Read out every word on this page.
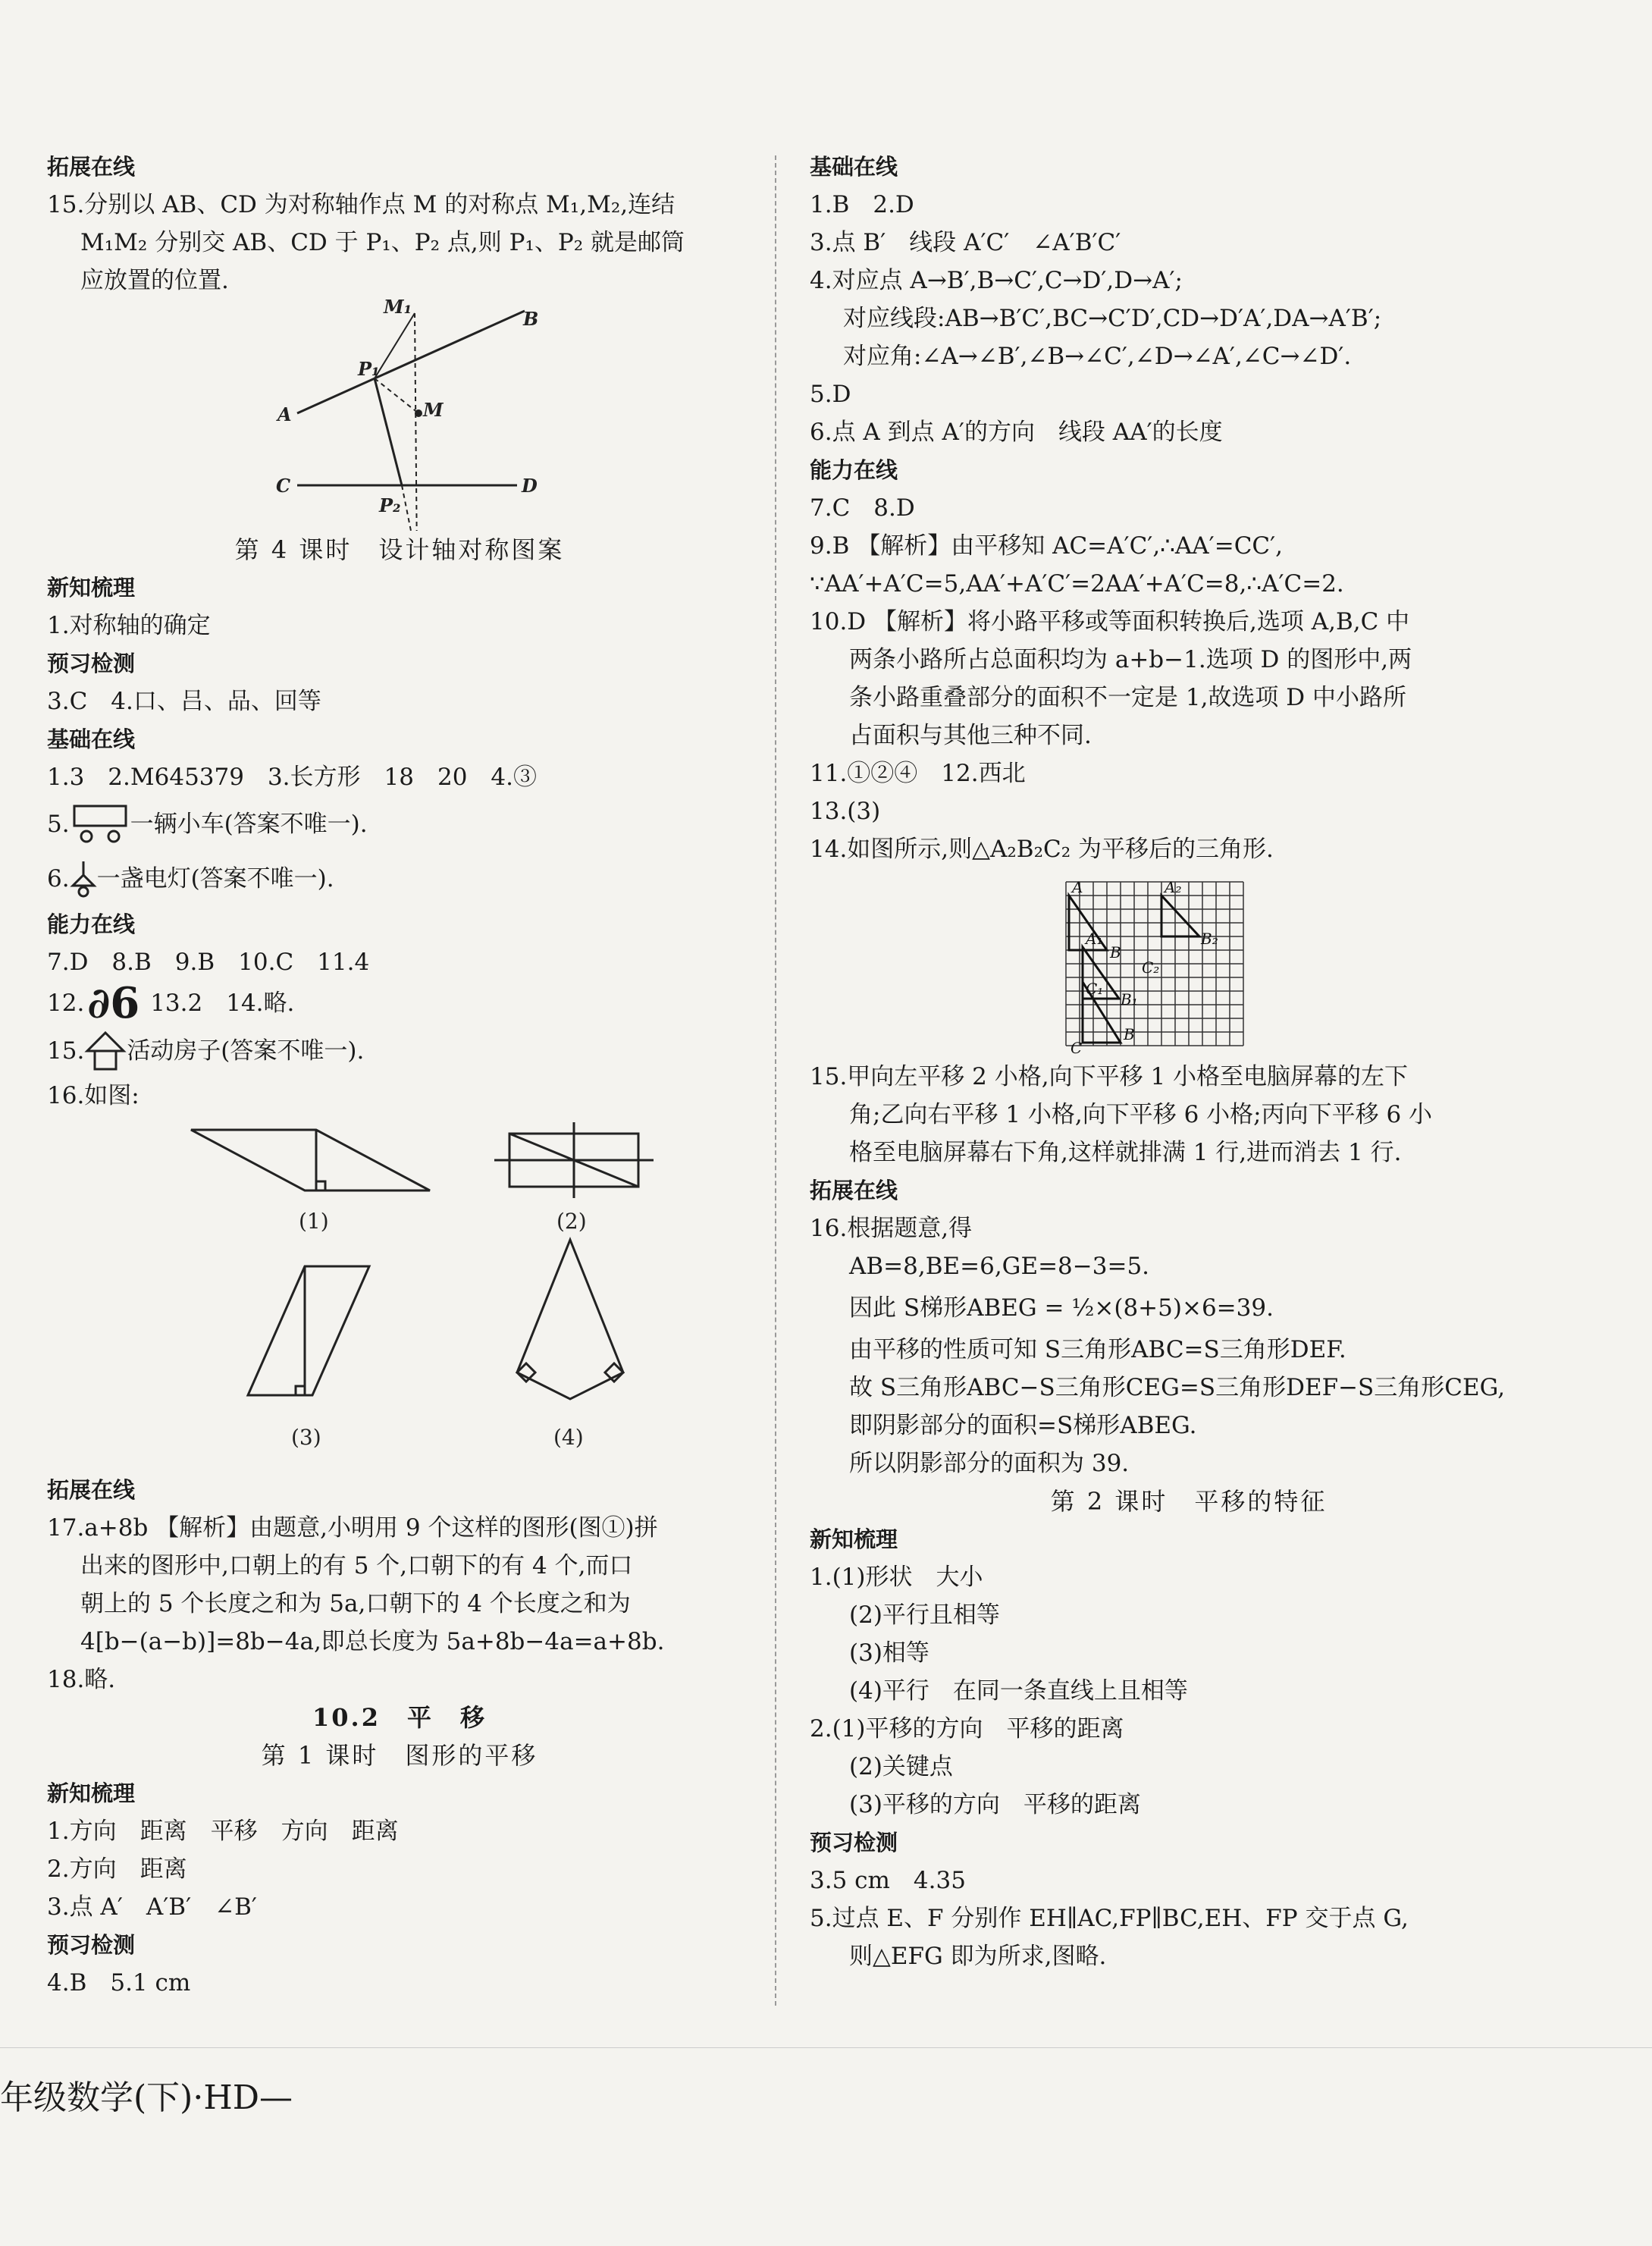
拓展在线
15.分别以 AB、CD 为对称轴作点 M 的对称点 M₁,M₂,连结
M₁M₂ 分别交 AB、CD 于 P₁、P₂ 点,则 P₁、P₂ 就是邮筒
应放置的位置.
M₁
B
P₁
A	M
C	D
P₂
第 4 课时　设计轴对称图案
新知梳理
1.对称轴的确定
预习检测
3.C　4.口、吕、品、回等
基础在线
1.3　2.M645379　3.长方形　18　20　4.③
5.	一辆小车(答案不唯一).
6. 一盏电灯(答案不唯一).
能力在线
7.D　8.B　9.B　10.C　11.4
12. ∂6 13.2　14.略.
15. 活动房子(答案不唯一).
16.如图:
(1)	(2)
(3)	(4)
拓展在线
17.a+8b 【解析】由题意,小明用 9 个这样的图形(图①)拼
出来的图形中,口朝上的有 5 个,口朝下的有 4 个,而口
朝上的 5 个长度之和为 5a,口朝下的 4 个长度之和为
4[b−(a−b)]=8b−4a,即总长度为 5a+8b−4a=a+8b.
18.略.
10.2　平　移
第 1 课时　图形的平移
新知梳理
1.方向　距离　平移　方向　距离
2.方向　距离
3.点 A′　A′B′　∠B′
预习检测
4.B　5.1 cm
基础在线
1.B　2.D
3.点 B′　线段 A′C′　∠A′B′C′
4.对应点 A→B′,B→C′,C→D′,D→A′;
对应线段:AB→B′C′,BC→C′D′,CD→D′A′,DA→A′B′;
对应角:∠A→∠B′,∠B→∠C′,∠D→∠A′,∠C→∠D′.
5.D
6.点 A 到点 A′的方向　线段 AA′的长度
能力在线
7.C　8.D
9.B 【解析】由平移知 AC=A′C′,∴AA′=CC′,
∵AA′+A′C=5,AA′+A′C′=2AA′+A′C=8,∴A′C=2.
10.D 【解析】将小路平移或等面积转换后,选项 A,B,C 中
两条小路所占总面积均为 a+b−1.选项 D 的图形中,两
条小路重叠部分的面积不一定是 1,故选项 D 中小路所
占面积与其他三种不同.
11.①②④　12.西北
13.(3)
14.如图所示,则△A₂B₂C₂ 为平移后的三角形.
A	A₂
B
B₂
C₂
A₁
B₁
C₁
B
C
15.甲向左平移 2 小格,向下平移 1 小格至电脑屏幕的左下
角;乙向右平移 1 小格,向下平移 6 小格;丙向下平移 6 小
格至电脑屏幕右下角,这样就排满 1 行,进而消去 1 行.
拓展在线
16.根据题意,得
AB=8,BE=6,GE=8−3=5.
因此 S梯形ABEG = ½×(8+5)×6=39.
由平移的性质可知 S三角形ABC=S三角形DEF.
故 S三角形ABC−S三角形CEG=S三角形DEF−S三角形CEG,
即阴影部分的面积=S梯形ABEG.
所以阴影部分的面积为 39.
第 2 课时　平移的特征
新知梳理
1.(1)形状　大小
(2)平行且相等
(3)相等
(4)平行　在同一条直线上且相等
2.(1)平移的方向　平移的距离
(2)关键点
(3)平移的方向　平移的距离
预习检测
3.5 cm　4.35
5.过点 E、F 分别作 EH∥AC,FP∥BC,EH、FP 交于点 G,
则△EFG 即为所求,图略.
年级数学(下)·HD—
